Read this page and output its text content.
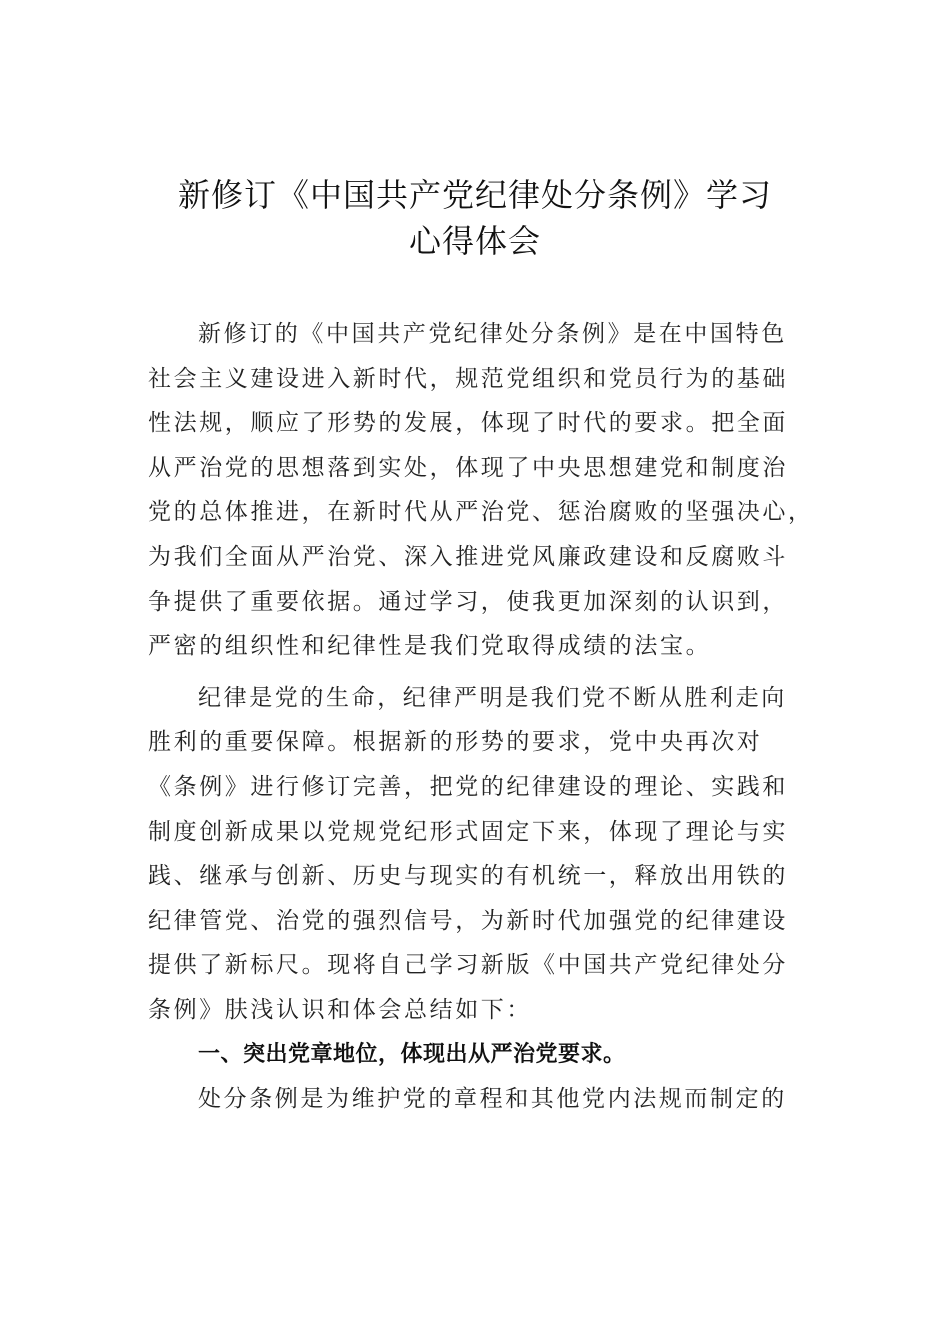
新修订《中国共产党纪律处分条例》学习
心得体会
新修订的《中国共产党纪律处分条例》是在中国特色
社会主义建设进入新时代，规范党组织和党员行为的基础
性法规，顺应了形势的发展，体现了时代的要求。把全面
从严治党的思想落到实处，体现了中央思想建党和制度治
党的总体推进，在新时代从严治党、惩治腐败的坚强决心，
为我们全面从严治党、深入推进党风廉政建设和反腐败斗
争提供了重要依据。通过学习，使我更加深刻的认识到，
严密的组织性和纪律性是我们党取得成绩的法宝。
纪律是党的生命，纪律严明是我们党不断从胜利走向
胜利的重要保障。根据新的形势的要求，党中央再次对
《条例》进行修订完善，把党的纪律建设的理论、实践和
制度创新成果以党规党纪形式固定下来，体现了理论与实
践、继承与创新、历史与现实的有机统一，释放出用铁的
纪律管党、治党的强烈信号，为新时代加强党的纪律建设
提供了新标尺。现将自己学习新版《中国共产党纪律处分
条例》肤浅认识和体会总结如下：
一、突出党章地位，体现出从严治党要求。
处分条例是为维护党的章程和其他党内法规而制定的
